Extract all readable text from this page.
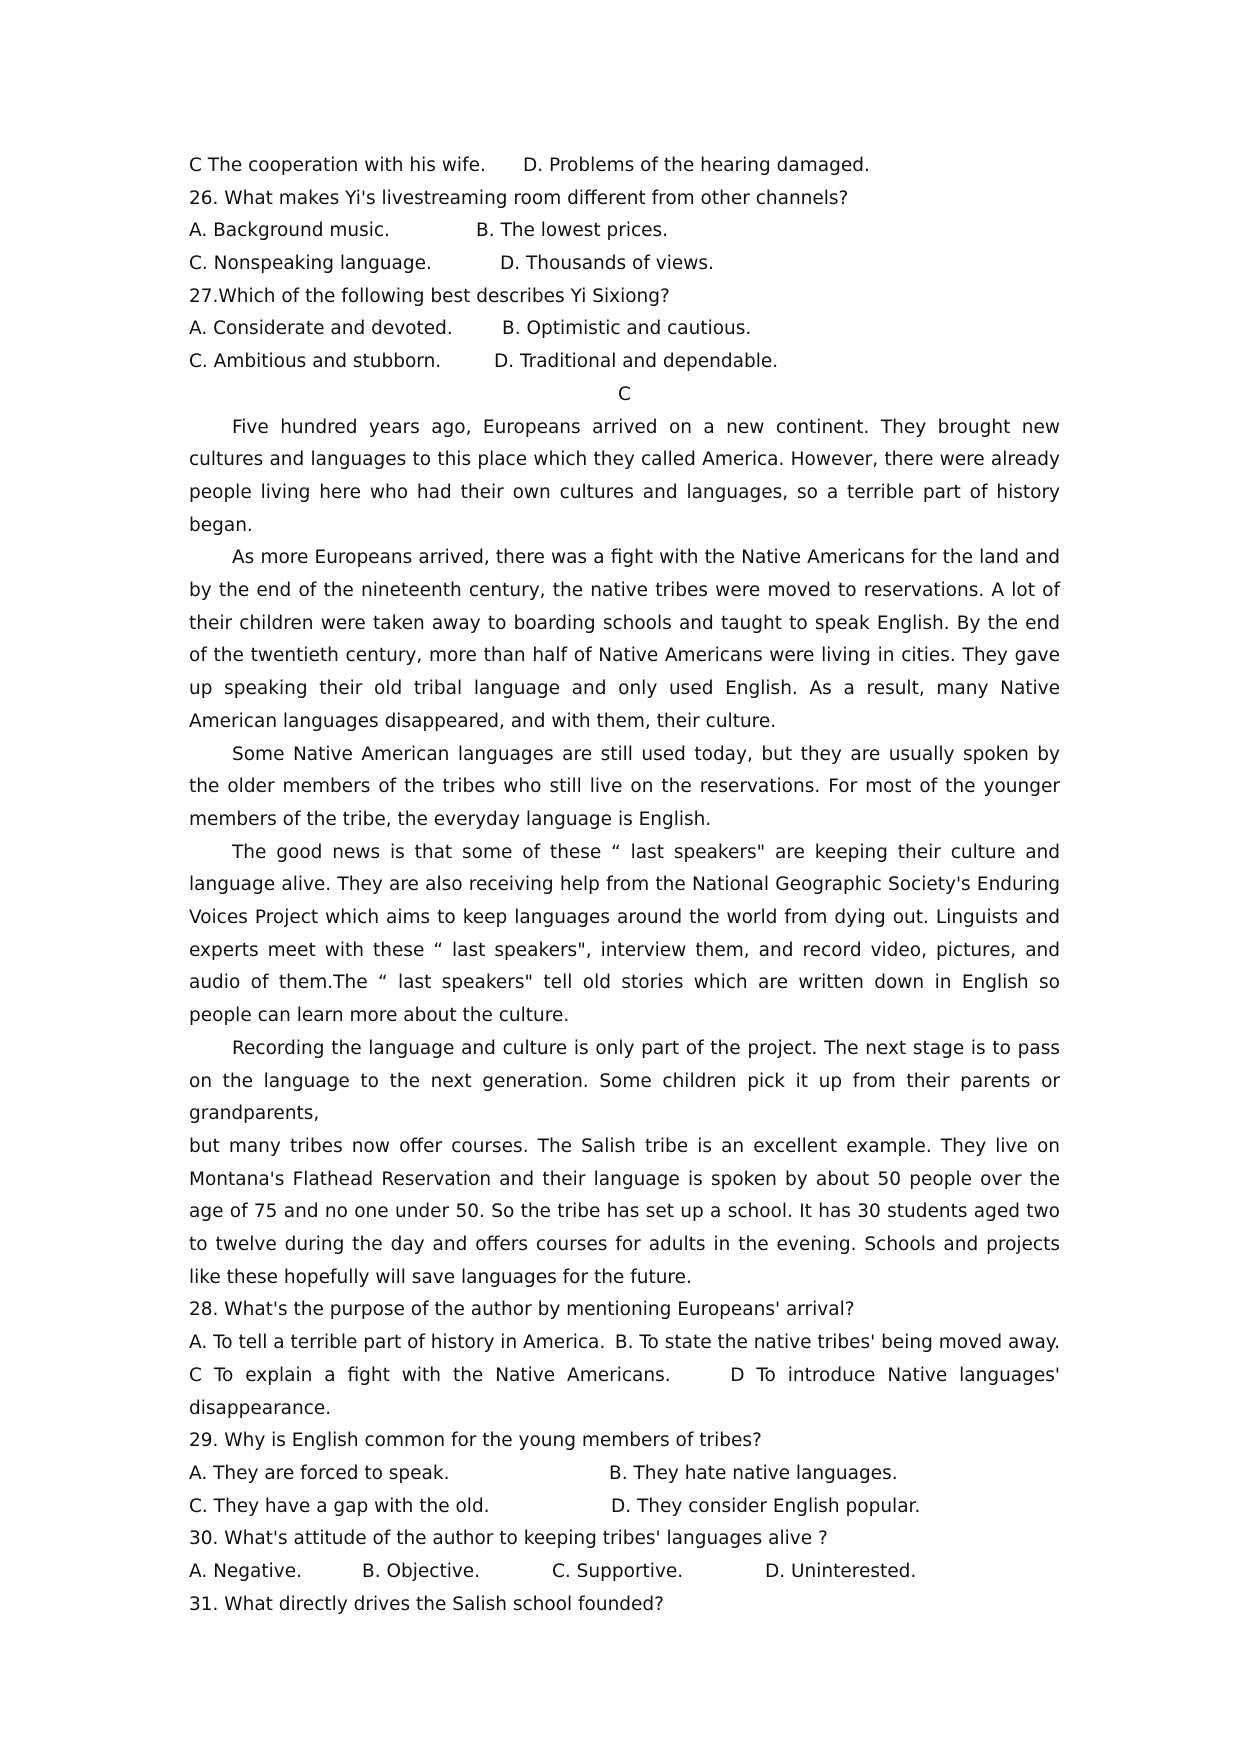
C The cooperation with his wife.	D. Problems of the hearing damaged.
26. What makes Yi's livestreaming room different from other channels?
A. Background music.	B. The lowest prices.
C. Nonspeaking language.	D. Thousands of views.
27.Which of the following best describes Yi Sixiong?
A. Considerate and devoted.	B. Optimistic and cautious.
C. Ambitious and stubborn.	D. Traditional and dependable.
C
Five hundred years ago, Europeans arrived on a new continent. They brought new cultures and languages to this place which they called America. However, there were already people living here who had their own cultures and languages, so a terrible part of history began.
As more Europeans arrived, there was a fight with the Native Americans for the land and by the end of the nineteenth century, the native tribes were moved to reservations. A lot of their children were taken away to boarding schools and taught to speak English. By the end of the twentieth century, more than half of Native Americans were living in cities. They gave up speaking their old tribal language and only used English. As a result, many Native American languages disappeared, and with them, their culture.
Some Native American languages are still used today, but they are usually spoken by the older members of the tribes who still live on the reservations. For most of the younger members of the tribe, the everyday language is English.
The good news is that some of these “ last speakers" are keeping their culture and language alive. They are also receiving help from the National Geographic Society's Enduring Voices Project which aims to keep languages around the world from dying out. Linguists and experts meet with these “ last speakers", interview them, and record video, pictures, and audio of them.The “ last speakers" tell old stories which are written down in English so people can learn more about the culture.
Recording the language and culture is only part of the project. The next stage is to pass on the language to the next generation. Some children pick it up from their parents or grandparents,
but many tribes now offer courses. The Salish tribe is an excellent example. They live on Montana's Flathead Reservation and their language is spoken by about 50 people over the age of 75 and no one under 50. So the tribe has set up a school. It has 30 students aged two to twelve during the day and offers courses for adults in the evening. Schools and projects like these hopefully will save languages for the future.
28. What's the purpose of the author by mentioning Europeans' arrival?
A. To tell a terrible part of history in America. B. To state the native tribes' being moved away.
C To explain a fight with the Native Americans.	D To introduce Native languages' disappearance.
29. Why is English common for the young members of tribes?
A. They are forced to speak.	B. They hate native languages.
C. They have a gap with the old.	D. They consider English popular.
30. What's attitude of the author to keeping tribes' languages alive ?
A. Negative.	B. Objective.	C. Supportive.	D. Uninterested.
31. What directly drives the Salish school founded?
